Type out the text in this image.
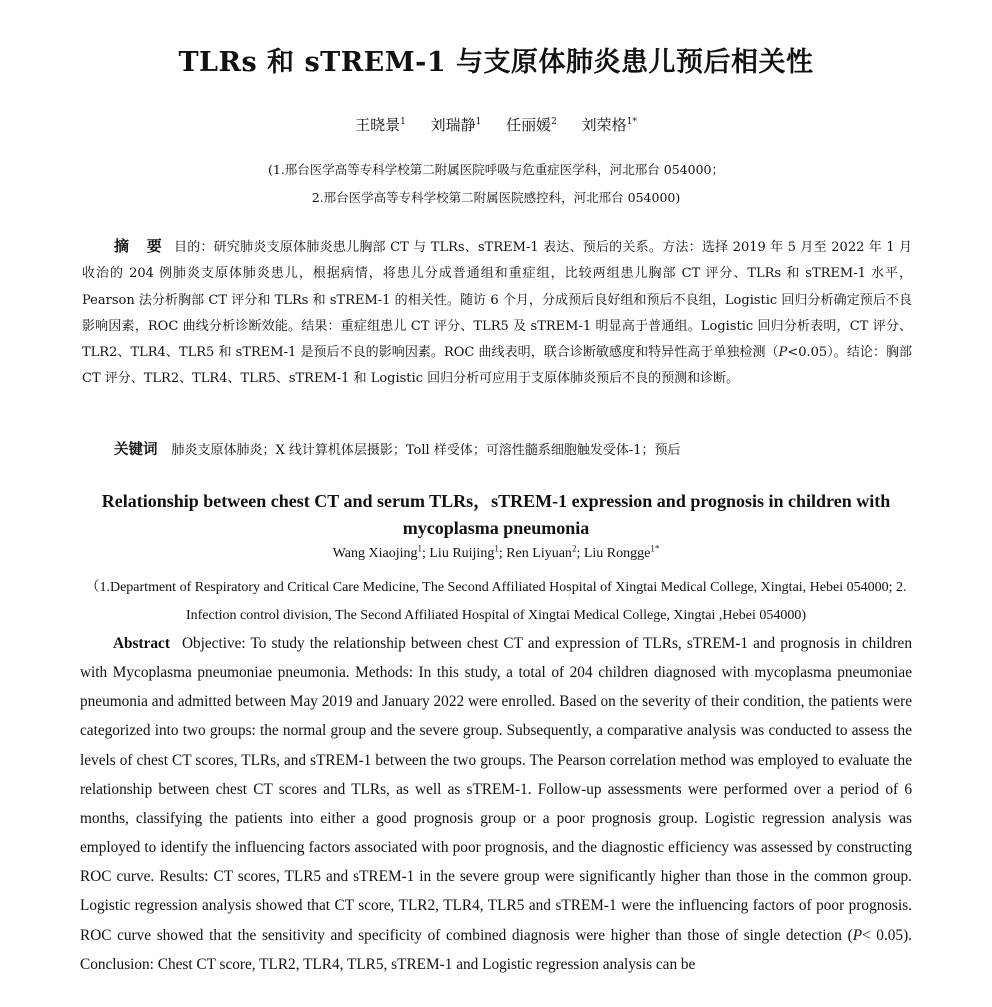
TLRs 和 sTREM-1 与支原体肺炎患儿预后相关性
王晓景$^1$ 刘瑞静$^1$ 任丽媛$^2$ 刘荣格$^{1*}$
(1.邢台医学高等专科学校第二附属医院呼吸与危重症医学科，河北邢台 054000；
2.邢台医学高等专科学校第二附属医院感控科，河北邢台 054000)
摘 要 目的：研究肺炎支原体肺炎患儿胸部 CT 与 TLRs、sTREM-1 表达、预后的关系。方法：选择 2019 年 5 月至 2022 年 1 月收治的 204 例肺炎支原体肺炎患儿，根据病情，将患儿分成普通组和重症组，比较两组患儿胸部 CT 评分、TLRs 和 sTREM-1 水平，Pearson 法分析胸部 CT 评分和 TLRs 和 sTREM-1 的相关性。随访 6 个月，分成预后良好组和预后不良组，Logistic 回归分析确定预后不良影响因素，ROC 曲线分析诊断效能。结果：重症组患儿 CT 评分、TLR5 及 sTREM-1 明显高于普通组。Logistic 回归分析表明，CT 评分、TLR2、TLR4、TLR5 和 sTREM-1 是预后不良的影响因素。ROC 曲线表明，联合诊断敏感度和特异性高于单独检测（P<0.05）。结论：胸部 CT 评分、TLR2、TLR4、TLR5、sTREM-1 和 Logistic 回归分析可应用于支原体肺炎预后不良的预测和诊断。
关键词 肺炎支原体肺炎；X 线计算机体层摄影；Toll 样受体；可溶性髓系细胞触发受体-1；预后
Relationship between chest CT and serum TLRs，sTREM-1 expression and prognosis in children with mycoplasma pneumonia
Wang Xiaojing$^1$; Liu Ruijing$^1$; Ren Liyuan$^2$; Liu Rongge$^{1*}$
（1.Department of Respiratory and Critical Care Medicine, The Second Affiliated Hospital of Xingtai Medical College, Xingtai, Hebei 054000; 2. Infection control division, The Second Affiliated Hospital of Xingtai Medical College, Xingtai ,Hebei 054000)
Abstract Objective: To study the relationship between chest CT and expression of TLRs, sTREM-1 and prognosis in children with Mycoplasma pneumoniae pneumonia. Methods: In this study, a total of 204 children diagnosed with mycoplasma pneumoniae pneumonia and admitted between May 2019 and January 2022 were enrolled. Based on the severity of their condition, the patients were categorized into two groups: the normal group and the severe group. Subsequently, a comparative analysis was conducted to assess the levels of chest CT scores, TLRs, and sTREM-1 between the two groups. The Pearson correlation method was employed to evaluate the relationship between chest CT scores and TLRs, as well as sTREM-1. Follow-up assessments were performed over a period of 6 months, classifying the patients into either a good prognosis group or a poor prognosis group. Logistic regression analysis was employed to identify the influencing factors associated with poor prognosis, and the diagnostic efficiency was assessed by constructing ROC curve. Results: CT scores, TLR5 and sTREM-1 in the severe group were significantly higher than those in the common group. Logistic regression analysis showed that CT score, TLR2, TLR4, TLR5 and sTREM-1 were the influencing factors of poor prognosis. ROC curve showed that the sensitivity and specificity of combined diagnosis were higher than those of single detection (P< 0.05). Conclusion: Chest CT score, TLR2, TLR4, TLR5, sTREM-1 and Logistic regression analysis can be
